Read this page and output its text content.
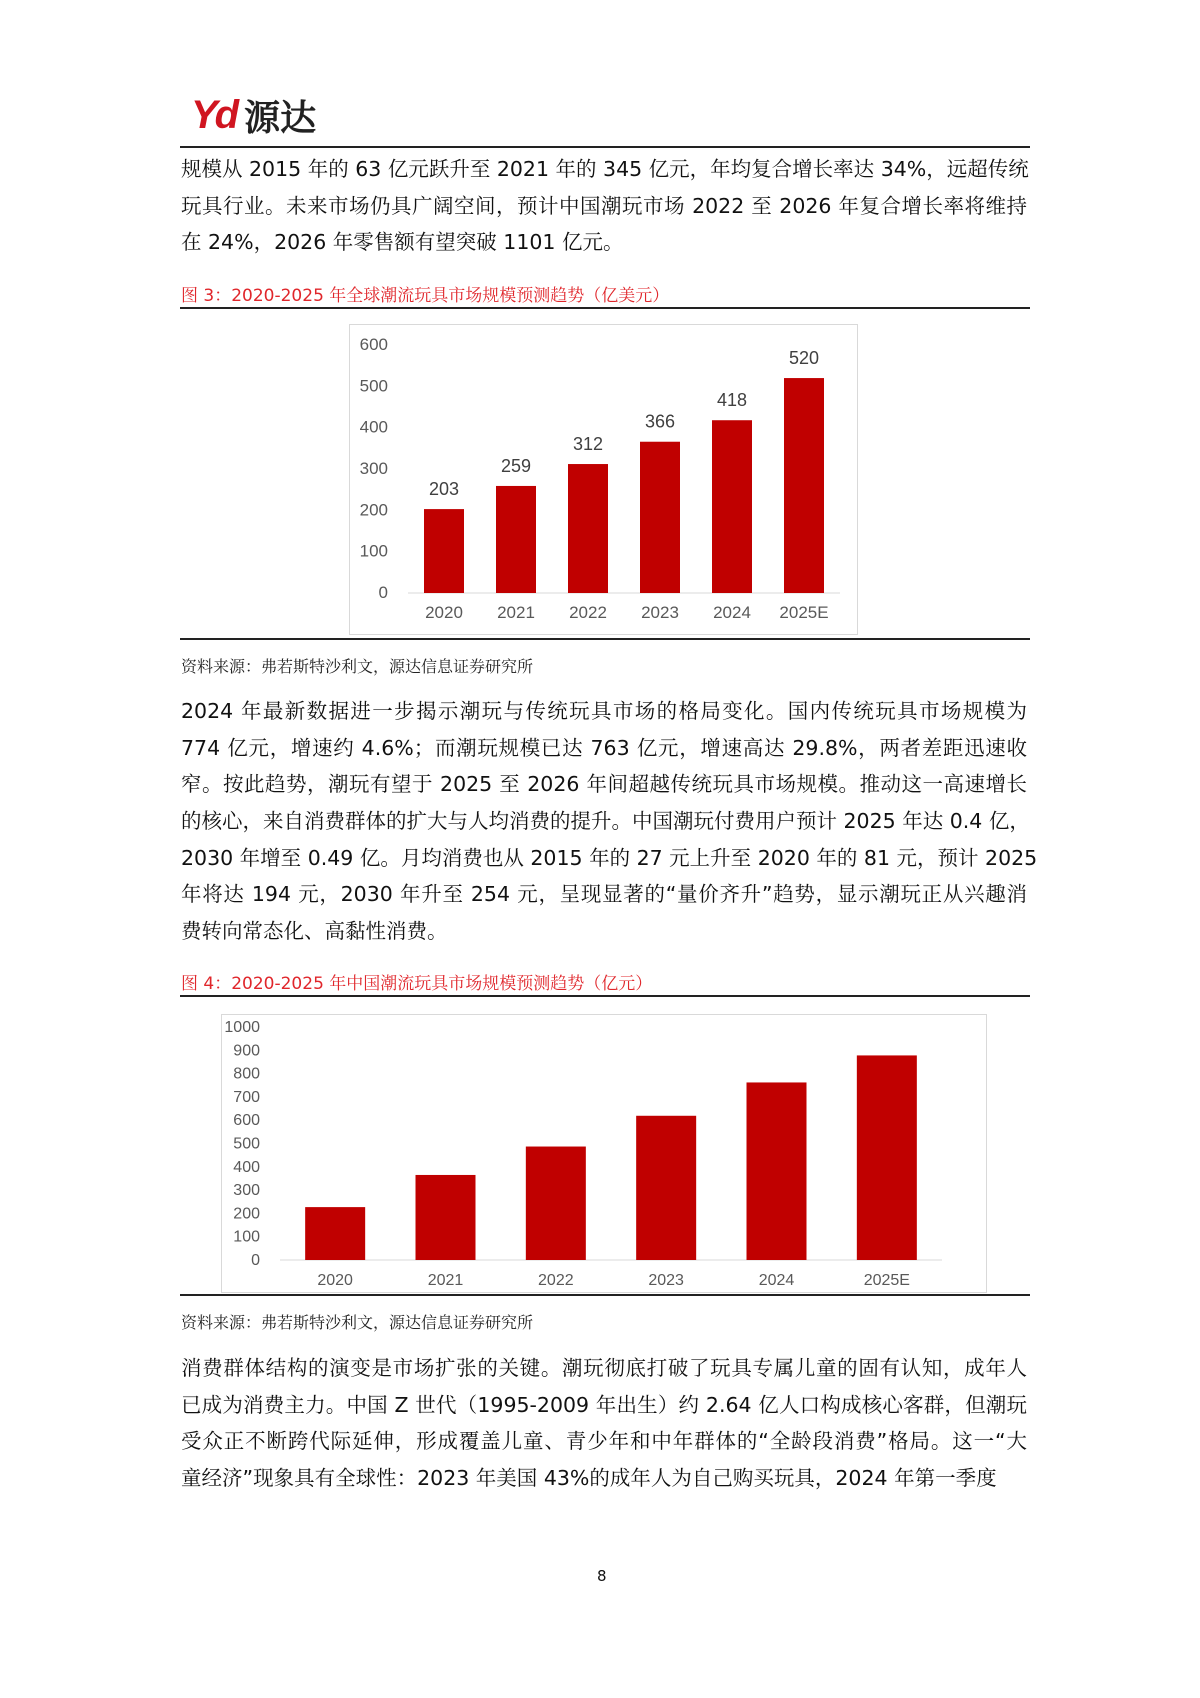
Yd 源达
规模从 2015 年的 63 亿元跃升至 2021 年的 345 亿元，年均复合增长率达 34%，远超传统
玩具行业。未来市场仍具广阔空间，预计中国潮玩市场 2022 至 2026 年复合增长率将维持
在 24%，2026 年零售额有望突破 1101 亿元。
图 3：2020-2025 年全球潮流玩具市场规模预测趋势（亿美元）
0
100
200
300
400
500
600
2020
203
2021
259
2022
312
2023
366
2024
418
2025E
520
资料来源：弗若斯特沙利文，源达信息证券研究所
2024 年最新数据进一步揭示潮玩与传统玩具市场的格局变化。国内传统玩具市场规模为
774 亿元，增速约 4.6%；而潮玩规模已达 763 亿元，增速高达 29.8%，两者差距迅速收
窄。按此趋势，潮玩有望于 2025 至 2026 年间超越传统玩具市场规模。推动这一高速增长
的核心，来自消费群体的扩大与人均消费的提升。中国潮玩付费用户预计 2025 年达 0.4 亿，
2030 年增至 0.49 亿。月均消费也从 2015 年的 27 元上升至 2020 年的 81 元，预计 2025
年将达 194 元，2030 年升至 254 元，呈现显著的“量价齐升”趋势，显示潮玩正从兴趣消
费转向常态化、高黏性消费。
图 4：2020-2025 年中国潮流玩具市场规模预测趋势（亿元）
0
100
200
300
400
500
600
700
800
900
1000
2020	2021	2022	2023	2024	2025E
资料来源：弗若斯特沙利文，源达信息证券研究所
消费群体结构的演变是市场扩张的关键。潮玩彻底打破了玩具专属儿童的固有认知，成年人
已成为消费主力。中国 Z 世代（1995-2009 年出生）约 2.64 亿人口构成核心客群，但潮玩
受众正不断跨代际延伸，形成覆盖儿童、青少年和中年群体的“全龄段消费”格局。这一“大
童经济”现象具有全球性：2023 年美国 43%的成年人为自己购买玩具，2024 年第一季度
8
